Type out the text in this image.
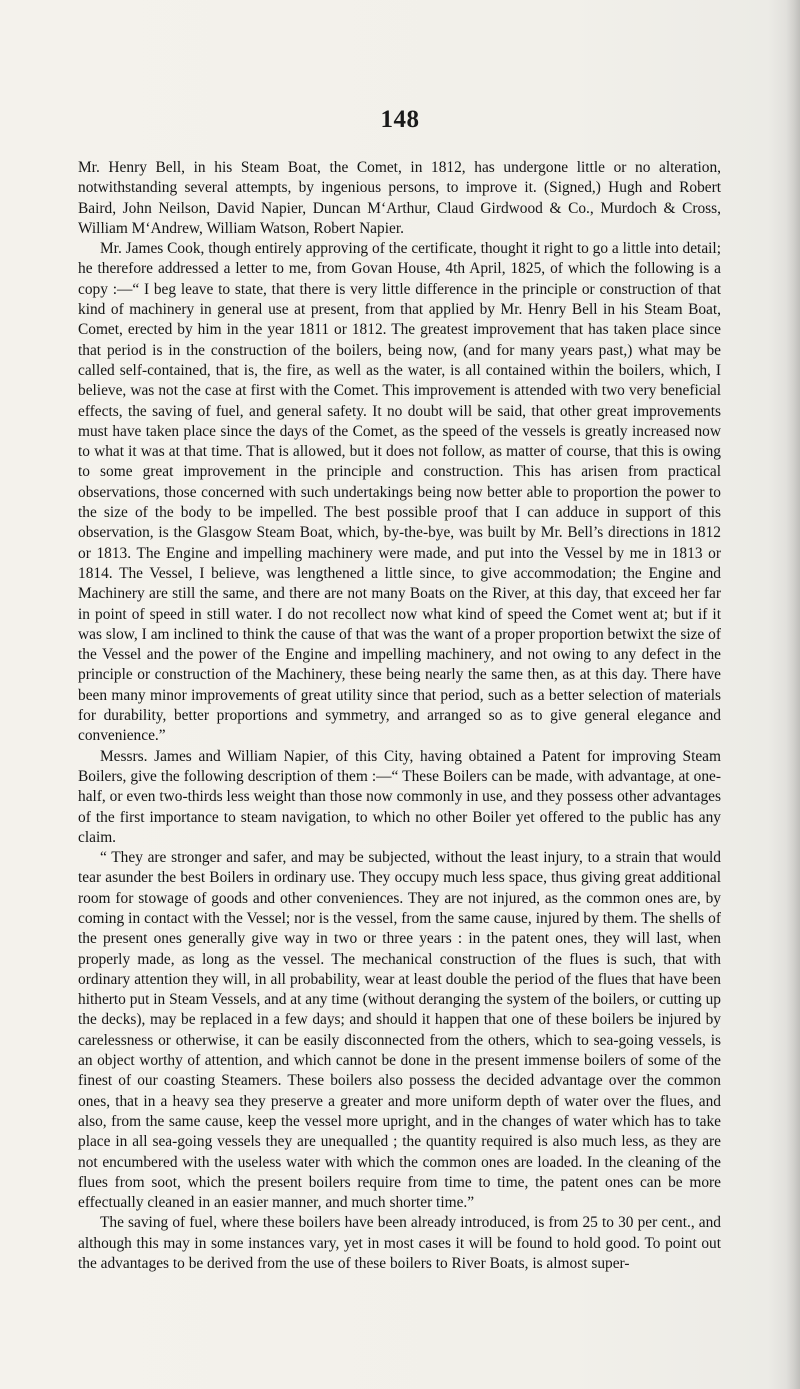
148

Mr. Henry Bell, in his Steam Boat, the Comet, in 1812, has undergone little or no alteration, notwithstanding several attempts, by ingenious persons, to improve it. (Signed,) Hugh and Robert Baird, John Neilson, David Napier, Duncan M‘Arthur, Claud Girdwood & Co., Murdoch & Cross, William M‘Andrew, William Watson, Robert Napier.

Mr. James Cook, though entirely approving of the certificate, thought it right to go a little into detail; he therefore addressed a letter to me, from Govan House, 4th April, 1825, of which the following is a copy :—“ I beg leave to state, that there is very little difference in the principle or construction of that kind of machinery in general use at present, from that applied by Mr. Henry Bell in his Steam Boat, Comet, erected by him in the year 1811 or 1812. The greatest improvement that has taken place since that period is in the construction of the boilers, being now, (and for many years past,) what may be called self-contained, that is, the fire, as well as the water, is all contained within the boilers, which, I believe, was not the case at first with the Comet. This improvement is attended with two very beneficial effects, the saving of fuel, and general safety. It no doubt will be said, that other great improvements must have taken place since the days of the Comet, as the speed of the vessels is greatly increased now to what it was at that time. That is allowed, but it does not follow, as matter of course, that this is owing to some great improvement in the principle and construction. This has arisen from practical observations, those concerned with such undertakings being now better able to proportion the power to the size of the body to be impelled. The best possible proof that I can adduce in support of this observation, is the Glasgow Steam Boat, which, by-the-bye, was built by Mr. Bell’s directions in 1812 or 1813. The Engine and impelling machinery were made, and put into the Vessel by me in 1813 or 1814. The Vessel, I believe, was lengthened a little since, to give accommodation; the Engine and Machinery are still the same, and there are not many Boats on the River, at this day, that exceed her far in point of speed in still water. I do not recollect now what kind of speed the Comet went at; but if it was slow, I am inclined to think the cause of that was the want of a proper proportion betwixt the size of the Vessel and the power of the Engine and impelling machinery, and not owing to any defect in the principle or construction of the Machinery, these being nearly the same then, as at this day. There have been many minor improvements of great utility since that period, such as a better selection of materials for durability, better proportions and symmetry, and arranged so as to give general elegance and convenience.”

Messrs. James and William Napier, of this City, having obtained a Patent for improving Steam Boilers, give the following description of them :—“ These Boilers can be made, with advantage, at one-half, or even two-thirds less weight than those now commonly in use, and they possess other advantages of the first importance to steam navigation, to which no other Boiler yet offered to the public has any claim.

“ They are stronger and safer, and may be subjected, without the least injury, to a strain that would tear asunder the best Boilers in ordinary use. They occupy much less space, thus giving great additional room for stowage of goods and other conveniences. They are not injured, as the common ones are, by coming in contact with the Vessel; nor is the vessel, from the same cause, injured by them. The shells of the present ones generally give way in two or three years : in the patent ones, they will last, when properly made, as long as the vessel. The mechanical construction of the flues is such, that with ordinary attention they will, in all probability, wear at least double the period of the flues that have been hitherto put in Steam Vessels, and at any time (without deranging the system of the boilers, or cutting up the decks), may be replaced in a few days; and should it happen that one of these boilers be injured by carelessness or otherwise, it can be easily disconnected from the others, which to sea-going vessels, is an object worthy of attention, and which cannot be done in the present immense boilers of some of the finest of our coasting Steamers. These boilers also possess the decided advantage over the common ones, that in a heavy sea they preserve a greater and more uniform depth of water over the flues, and also, from the same cause, keep the vessel more upright, and in the changes of water which has to take place in all sea-going vessels they are unequalled ; the quantity required is also much less, as they are not encumbered with the useless water with which the common ones are loaded. In the cleaning of the flues from soot, which the present boilers require from time to time, the patent ones can be more effectually cleaned in an easier manner, and much shorter time.”

The saving of fuel, where these boilers have been already introduced, is from 25 to 30 per cent., and although this may in some instances vary, yet in most cases it will be found to hold good. To point out the advantages to be derived from the use of these boilers to River Boats, is almost super-
